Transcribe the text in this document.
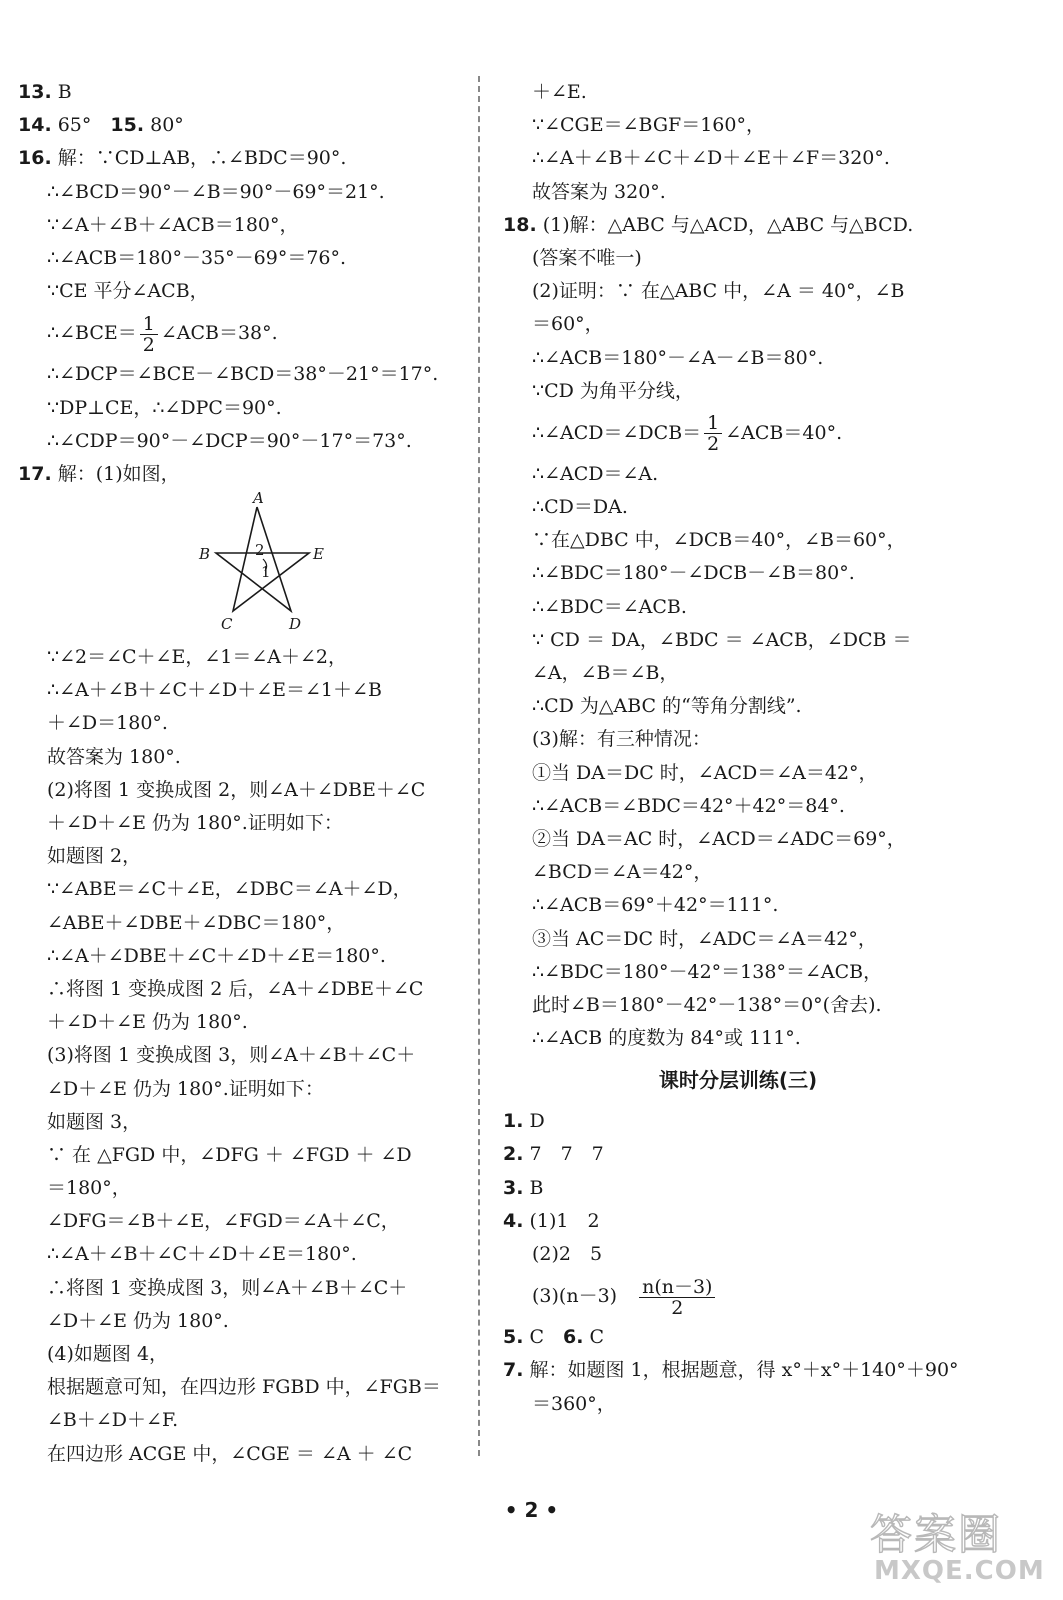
13. B
14. 65°　15. 80°
16. 解：∵CD⊥AB，∴∠BDC＝90°.
∴∠BCD＝90°－∠B＝90°－69°＝21°.
∵∠A＋∠B＋∠ACB＝180°，
∴∠ACB＝180°－35°－69°＝76°.
∵CE 平分∠ACB，
∴∠BCE＝ $\frac{1}{2}$ ∠ACB＝38°.
∴∠DCP＝∠BCE－∠BCD＝38°－21°＝17°.
∵DP⊥CE，∴∠DPC＝90°.
∴∠CDP＝90°－∠DCP＝90°－17°＝73°.
17. 解：(1)如图，
A
B	E
C	D
2
1
∵∠2＝∠C＋∠E，∠1＝∠A＋∠2，
∴∠A＋∠B＋∠C＋∠D＋∠E＝∠1＋∠B
＋∠D＝180°.
故答案为 180°.
(2)将图 1 变换成图 2，则∠A＋∠DBE＋∠C
＋∠D＋∠E 仍为 180°.证明如下：
如题图 2，
∵∠ABE＝∠C＋∠E，∠DBC＝∠A＋∠D，
∠ABE＋∠DBE＋∠DBC＝180°，
∴∠A＋∠DBE＋∠C＋∠D＋∠E＝180°.
∴将图 1 变换成图 2 后，∠A＋∠DBE＋∠C
＋∠D＋∠E 仍为 180°.
(3)将图 1 变换成图 3，则∠A＋∠B＋∠C＋
∠D＋∠E 仍为 180°.证明如下：
如题图 3，
∵ 在 △FGD 中，∠DFG ＋ ∠FGD ＋ ∠D
＝180°，
∠DFG＝∠B＋∠E，∠FGD＝∠A＋∠C，
∴∠A＋∠B＋∠C＋∠D＋∠E＝180°.
∴将图 1 变换成图 3，则∠A＋∠B＋∠C＋
∠D＋∠E 仍为 180°.
(4)如题图 4，
根据题意可知，在四边形 FGBD 中，∠FGB＝
∠B＋∠D＋∠F.
在四边形 ACGE 中，∠CGE ＝ ∠A ＋ ∠C
＋∠E.
∵∠CGE＝∠BGF＝160°，
∴∠A＋∠B＋∠C＋∠D＋∠E＋∠F＝320°.
故答案为 320°.
18. (1)解：△ABC 与△ACD，△ABC 与△BCD.
(答案不唯一)
(2)证明：∵ 在△ABC 中，∠A ＝ 40°，∠B
＝60°，
∴∠ACB＝180°－∠A－∠B＝80°.
∵CD 为角平分线，
∴∠ACD＝∠DCB＝ $\frac{1}{2}$ ∠ACB＝40°.
∴∠ACD＝∠A.
∴CD＝DA.
∵在△DBC 中，∠DCB＝40°，∠B＝60°，
∴∠BDC＝180°－∠DCB－∠B＝80°.
∴∠BDC＝∠ACB.
∵ CD ＝ DA，∠BDC ＝ ∠ACB，∠DCB ＝
∠A，∠B＝∠B，
∴CD 为△ABC 的“等角分割线”.
(3)解：有三种情况：
①当 DA＝DC 时，∠ACD＝∠A＝42°，
∴∠ACB＝∠BDC＝42°＋42°＝84°.
②当 DA＝AC 时，∠ACD＝∠ADC＝69°，
∠BCD＝∠A＝42°，
∴∠ACB＝69°＋42°＝111°.
③当 AC＝DC 时，∠ADC＝∠A＝42°，
∴∠BDC＝180°－42°＝138°＝∠ACB，
此时∠B＝180°－42°－138°＝0°(舍去).
∴∠ACB 的度数为 84°或 111°.
课时分层训练(三)
1. D
2. 7　7　7
3. B
4. (1)1　2
(2)2　5
(3)(n－3)　 $\frac{n(n-3)}{2}$
5. C　6. C
7. 解：如题图 1，根据题意，得 x°＋x°＋140°＋90°
＝360°，
• 2 •	答案圈
MXQE.COM
